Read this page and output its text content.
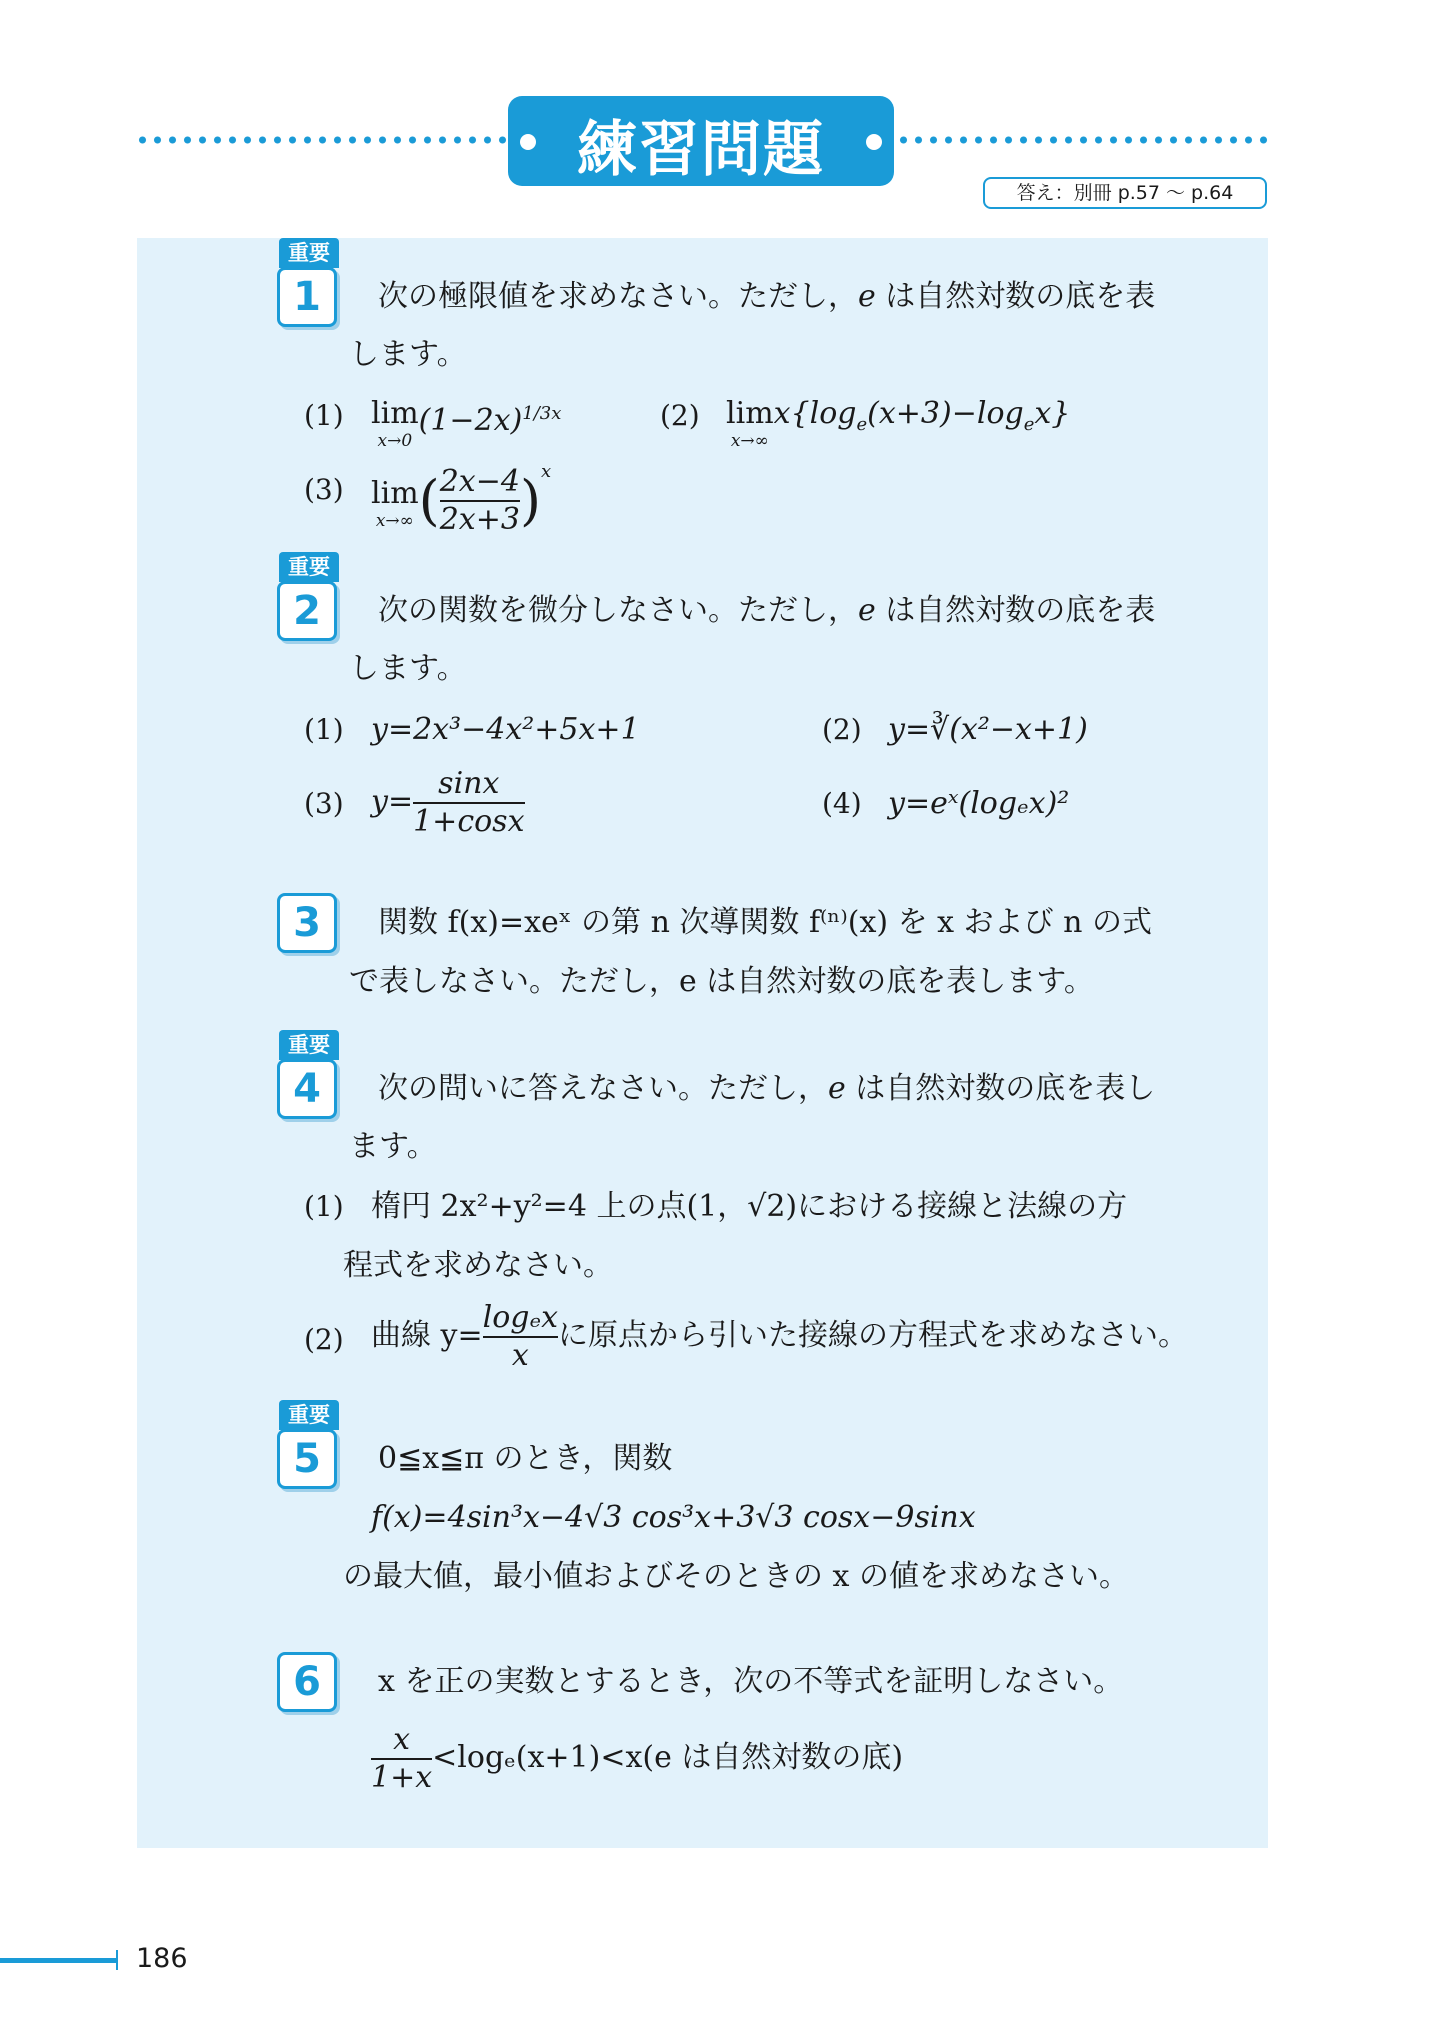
練習問題
答え：別冊 p.57 ～ p.64
重要
1	次の極限値を求めなさい。ただし，e は自然対数の底を表
します。
(1) lim
x→0
$(1-2x)^{1/3x}$	(2) lim
x→∞
$x\{\log_e(x+3)-\log_ex\}$
(3) lim
x→∞ ( $\frac{2x-4}{2x+3} )^x$
重要
2	次の関数を微分しなさい。ただし，e は自然対数の底を表
します。
(1) y=2x³−4x²+5x+1	(2) y=∛(x²−x+1)
(3) $y= \frac{\sin x}{1+\cos x}$	(4) y=eˣ(logₑx)²
3	関数 f(x)=xeˣ の第 n 次導関数 f⁽ⁿ⁾(x) を x および n の式
で表しなさい。ただし，e は自然対数の底を表します。
重要
4	次の問いに答えなさい。ただし，e は自然対数の底を表し
ます。
(1) 楕円 2x²+y²=4 上の点(1，√2)における接線と法線の方
程式を求めなさい。
(2) 曲線 $y= \frac{\text{logₑx}}{x}$ に原点から引いた接線の方程式を求めなさい。
重要
5	0≦x≦π のとき，関数
f(x)=4sin³x−4√3 cos³x+3√3 cosx−9sinx
の最大値，最小値およびそのときの x の値を求めなさい。
6	x を正の実数とするとき，次の不等式を証明しなさい。
$\frac{x}{1+x} <\log_e(x+1)<x(e$ は自然対数の底)
186
